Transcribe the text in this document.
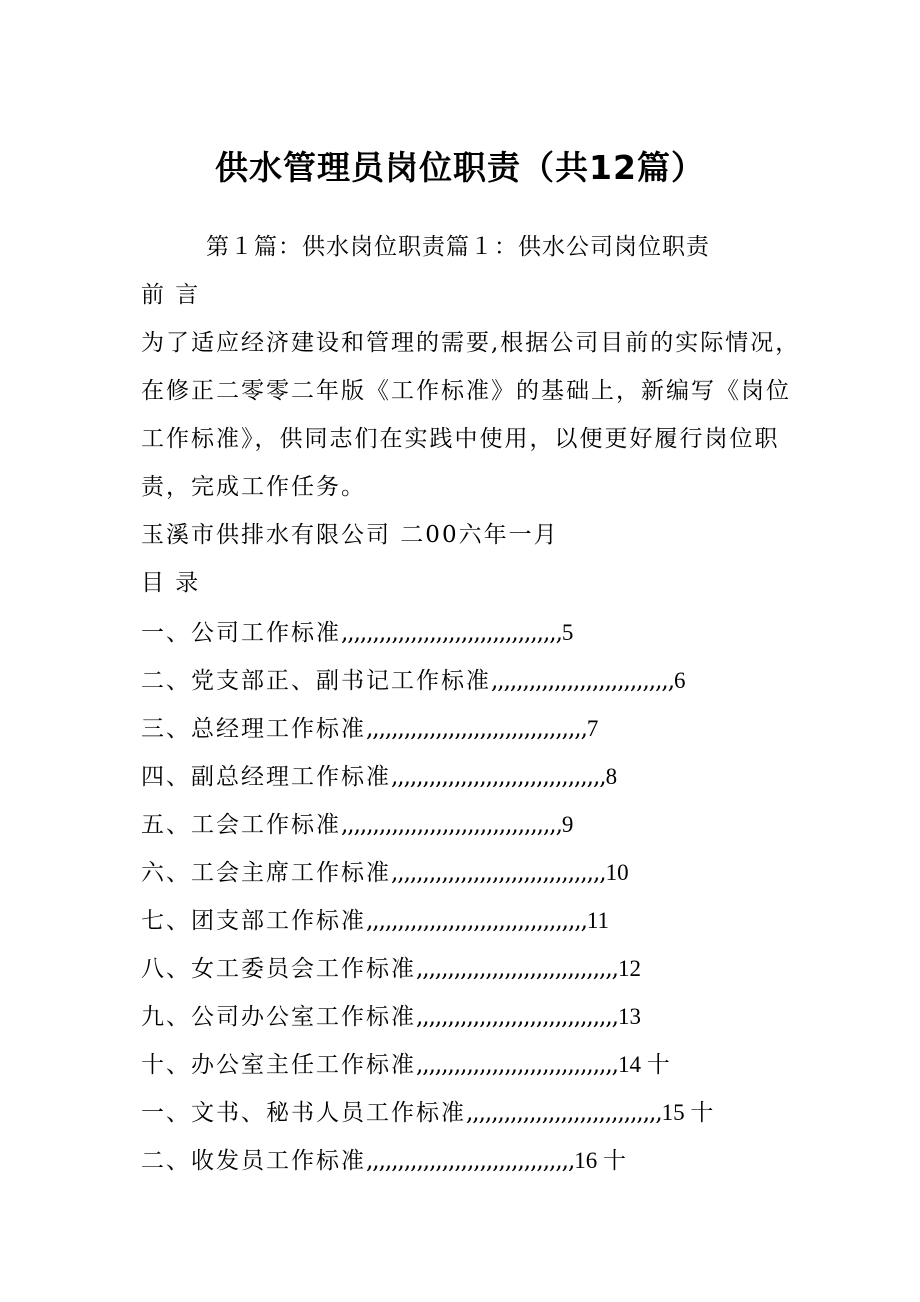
供水管理员岗位职责（共12篇）
第１篇：供水岗位职责篇１：供水公司岗位职责
前 言
为了适应经济建设和管理的需要,根据公司目前的实际情况，
在修正二零零二年版《工作标准》的基础上，新编写《岗位
工作标准》，供同志们在实践中使用，以便更好履行岗位职
责，完成工作任务。
玉溪市供排水有限公司 二00六年一月
目 录
一、公司工作标准,,,,,,,,,,,,,,,,,,,,,,,,,,,,,,,,,,,5
二、党支部正、副书记工作标准,,,,,,,,,,,,,,,,,,,,,,,,,,,,,6
三、总经理工作标准,,,,,,,,,,,,,,,,,,,,,,,,,,,,,,,,,,,7
四、副总经理工作标准,,,,,,,,,,,,,,,,,,,,,,,,,,,,,,,,,,8
五、工会工作标准,,,,,,,,,,,,,,,,,,,,,,,,,,,,,,,,,,,9
六、工会主席工作标准,,,,,,,,,,,,,,,,,,,,,,,,,,,,,,,,,,10
七、团支部工作标准,,,,,,,,,,,,,,,,,,,,,,,,,,,,,,,,,,,11
八、女工委员会工作标准,,,,,,,,,,,,,,,,,,,,,,,,,,,,,,,,12
九、公司办公室工作标准,,,,,,,,,,,,,,,,,,,,,,,,,,,,,,,,13
十、办公室主任工作标准,,,,,,,,,,,,,,,,,,,,,,,,,,,,,,,,14 十
一、文书、秘书人员工作标准,,,,,,,,,,,,,,,,,,,,,,,,,,,,,,,15 十
二、收发员工作标准,,,,,,,,,,,,,,,,,,,,,,,,,,,,,,,,,16 十
